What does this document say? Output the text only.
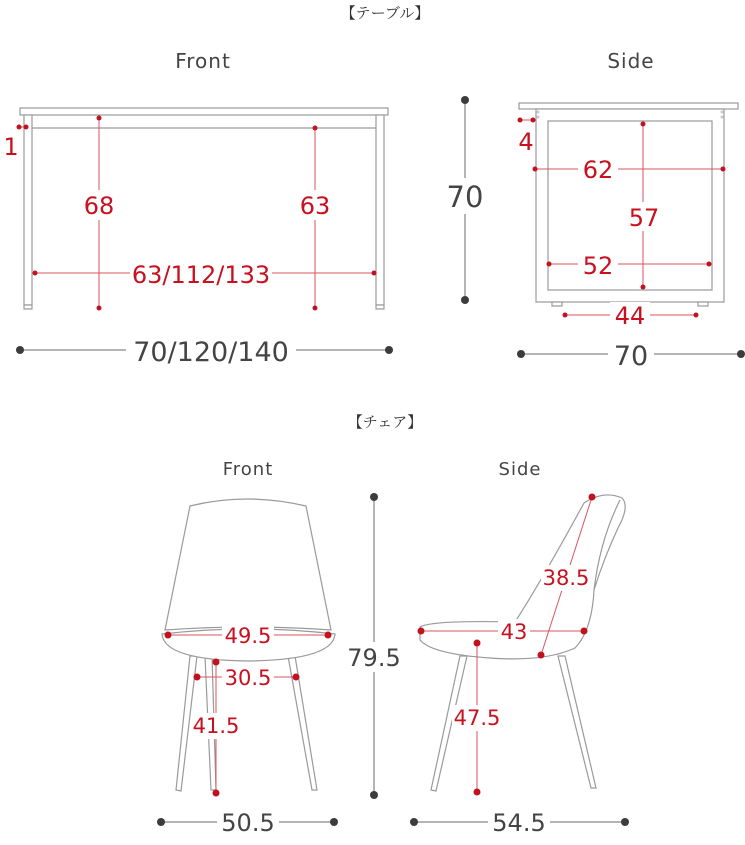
【テーブル】
Front
1
68	63
63/112/133
70/120/140
70
Side
4
62
57
52
44
70
【チェア】
Front
49.5
30.5
41.5
50.5
79.5
Side
38.5
43
47.5
54.5
